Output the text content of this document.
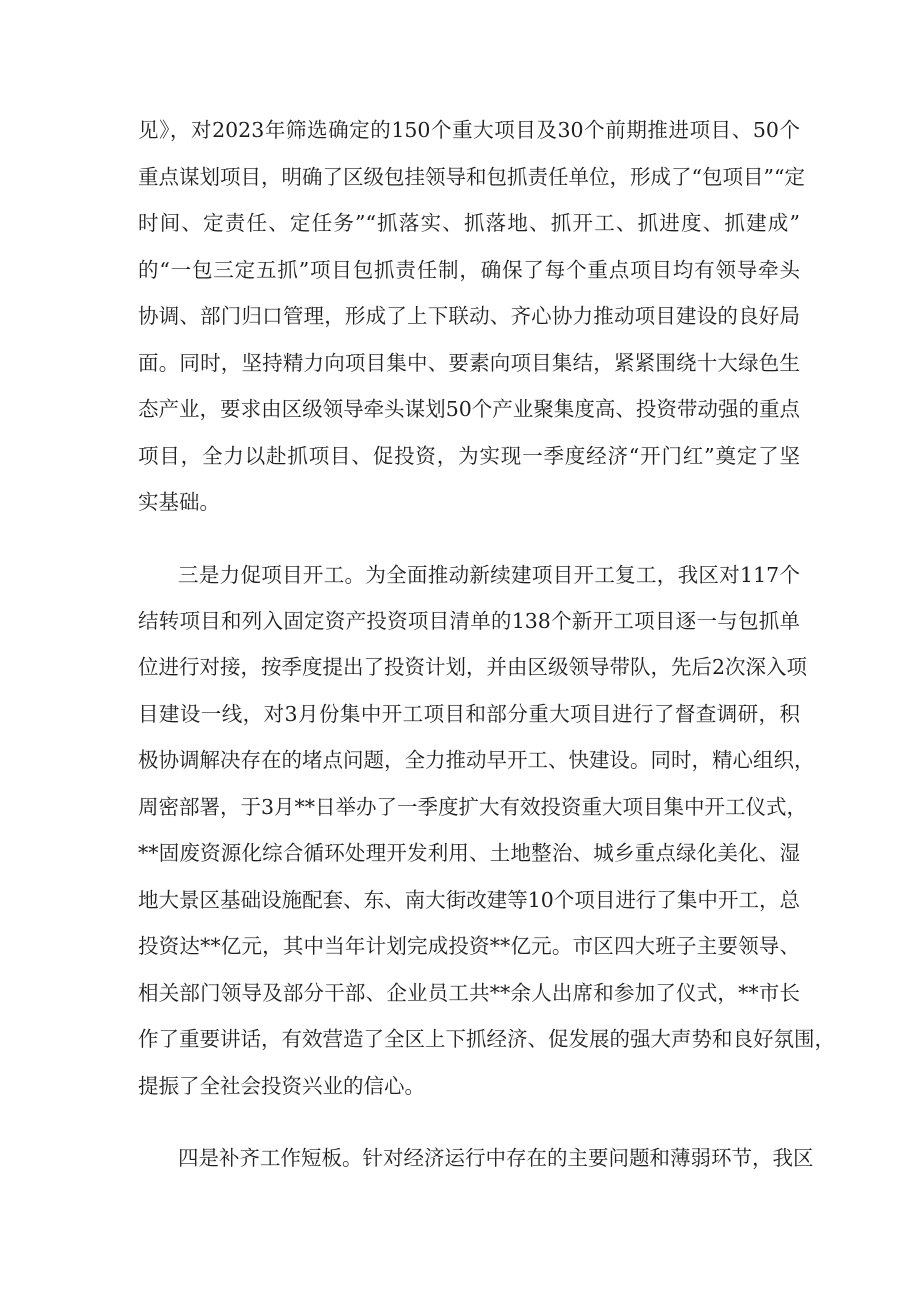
见》，对2023年筛选确定的150个重大项目及30个前期推进项目、50个

重点谋划项目，明确了区级包挂领导和包抓责任单位，形成了“包项目”“定

时间、定责任、定任务”“抓落实、抓落地、抓开工、抓进度、抓建成”

的“一包三定五抓”项目包抓责任制，确保了每个重点项目均有领导牵头

协调、部门归口管理，形成了上下联动、齐心协力推动项目建设的良好局

面。同时，坚持精力向项目集中、要素向项目集结，紧紧围绕十大绿色生

态产业，要求由区级领导牵头谋划50个产业聚集度高、投资带动强的重点

项目，全力以赴抓项目、促投资，为实现一季度经济“开门红”奠定了坚

实基础。

三是力促项目开工。为全面推动新续建项目开工复工，我区对117个

结转项目和列入固定资产投资项目清单的138个新开工项目逐一与包抓单

位进行对接，按季度提出了投资计划，并由区级领导带队，先后2次深入项

目建设一线，对3月份集中开工项目和部分重大项目进行了督查调研，积

极协调解决存在的堵点问题，全力推动早开工、快建设。同时，精心组织，

周密部署，于3月**日举办了一季度扩大有效投资重大项目集中开工仪式，

**固废资源化综合循环处理开发利用、土地整治、城乡重点绿化美化、湿

地大景区基础设施配套、东、南大街改建等10个项目进行了集中开工，总

投资达**亿元，其中当年计划完成投资**亿元。市区四大班子主要领导、

相关部门领导及部分干部、企业员工共**余人出席和参加了仪式，**市长

作了重要讲话，有效营造了全区上下抓经济、促发展的强大声势和良好氛围，

提振了全社会投资兴业的信心。

四是补齐工作短板。针对经济运行中存在的主要问题和薄弱环节，我区
